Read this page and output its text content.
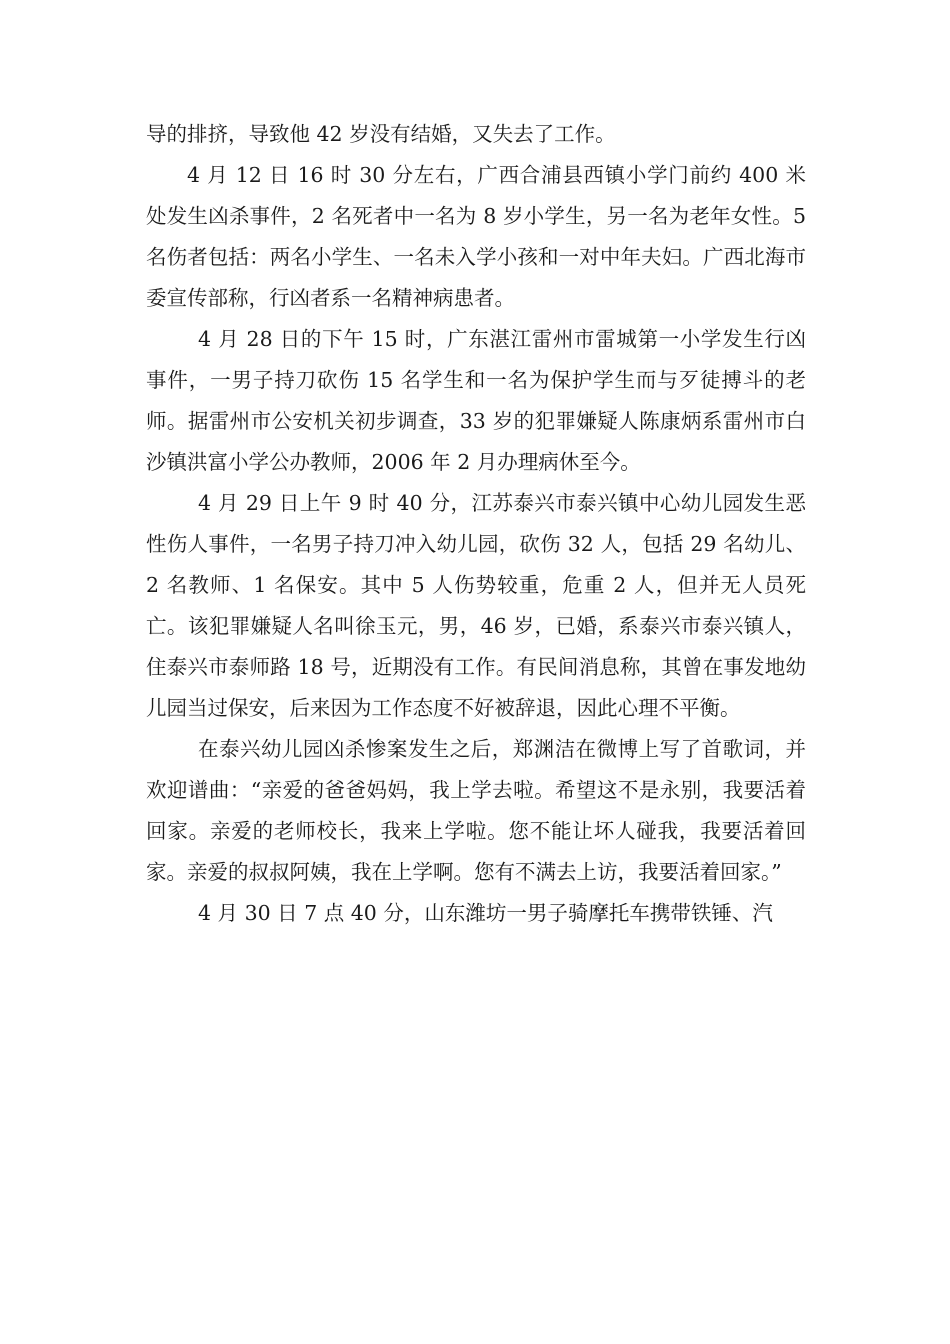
导的排挤，导致他 42 岁没有结婚，又失去了工作。

4 月 12 日 16 时 30 分左右，广西合浦县西镇小学门前约 400 米处发生凶杀事件，2 名死者中一名为 8 岁小学生，另一名为老年女性。5 名伤者包括：两名小学生、一名未入学小孩和一对中年夫妇。广西北海市委宣传部称，行凶者系一名精神病患者。

4 月 28 日的下午 15 时，广东湛江雷州市雷城第一小学发生行凶事件，一男子持刀砍伤 15 名学生和一名为保护学生而与歹徒搏斗的老师。据雷州市公安机关初步调查，33 岁的犯罪嫌疑人陈康炳系雷州市白沙镇洪富小学公办教师，2006 年 2 月办理病休至今。

4 月 29 日上午 9 时 40 分，江苏泰兴市泰兴镇中心幼儿园发生恶性伤人事件，一名男子持刀冲入幼儿园，砍伤 32 人，包括 29 名幼儿、2 名教师、1 名保安。其中 5 人伤势较重，危重 2 人，但并无人员死亡。该犯罪嫌疑人名叫徐玉元，男，46 岁，已婚，系泰兴市泰兴镇人，住泰兴市泰师路 18 号，近期没有工作。有民间消息称，其曾在事发地幼儿园当过保安，后来因为工作态度不好被辞退，因此心理不平衡。

在泰兴幼儿园凶杀惨案发生之后，郑渊洁在微博上写了首歌词，并欢迎谱曲：“亲爱的爸爸妈妈，我上学去啦。希望这不是永别，我要活着回家。亲爱的老师校长，我来上学啦。您不能让坏人碰我，我要活着回家。亲爱的叔叔阿姨，我在上学啊。您有不满去上访，我要活着回家。”

4 月 30 日 7 点 40 分，山东潍坊一男子骑摩托车携带铁锤、汽
